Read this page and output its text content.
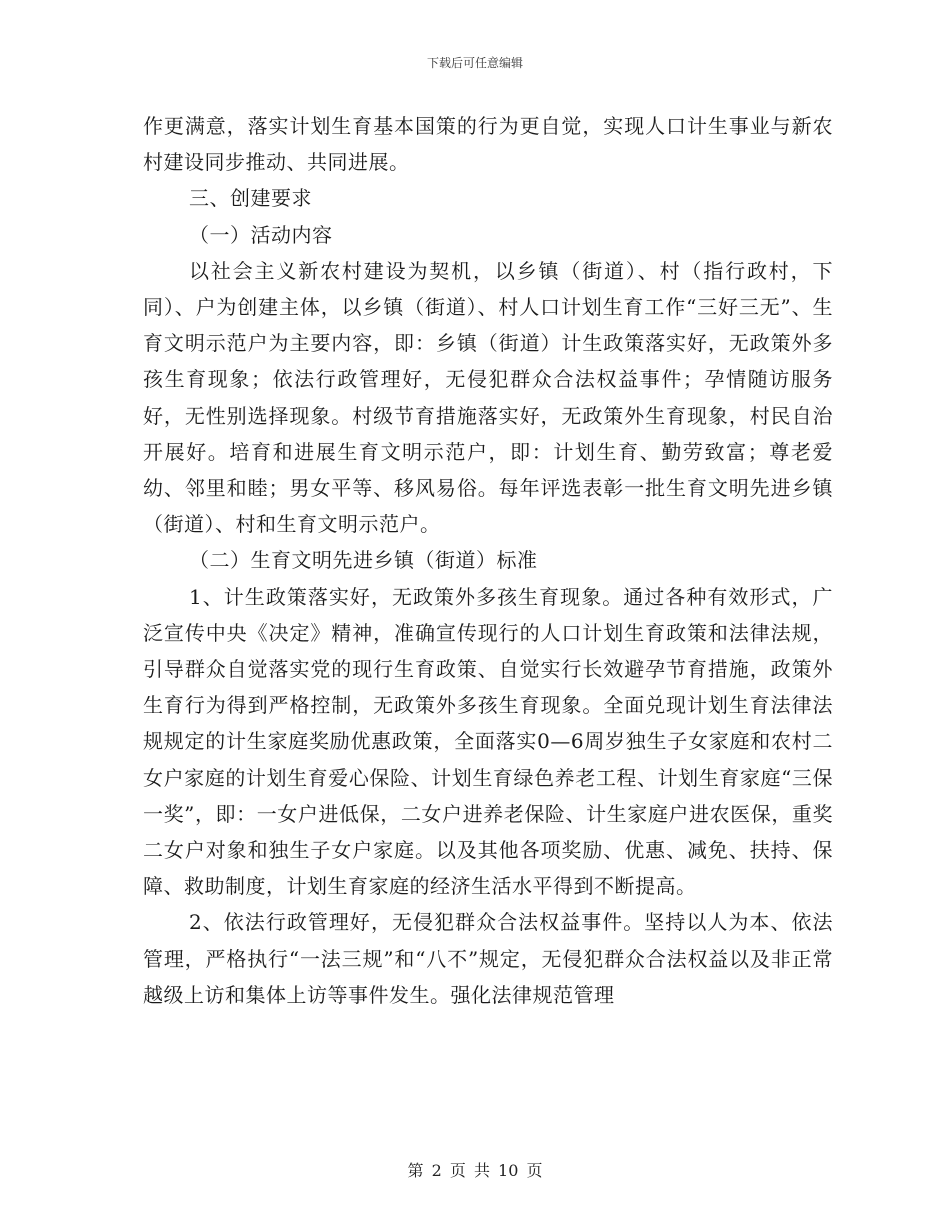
下载后可任意编辑

作更满意，落实计划生育基本国策的行为更自觉，实现人口计生事业与新农村建设同步推动、共同进展。

三、创建要求

（一）活动内容

以社会主义新农村建设为契机，以乡镇（街道）、村（指行政村，下同）、户为创建主体，以乡镇（街道）、村人口计划生育工作“三好三无”、生育文明示范户为主要内容，即：乡镇（街道）计生政策落实好，无政策外多孩生育现象；依法行政管理好，无侵犯群众合法权益事件；孕情随访服务好，无性别选择现象。村级节育措施落实好，无政策外生育现象，村民自治开展好。培育和进展生育文明示范户，即：计划生育、勤劳致富；尊老爱幼、邻里和睦；男女平等、移风易俗。每年评选表彰一批生育文明先进乡镇（街道）、村和生育文明示范户。

（二）生育文明先进乡镇（街道）标准

1、计生政策落实好，无政策外多孩生育现象。通过各种有效形式，广泛宣传中央《决定》精神，准确宣传现行的人口计划生育政策和法律法规，引导群众自觉落实党的现行生育政策、自觉实行长效避孕节育措施，政策外生育行为得到严格控制，无政策外多孩生育现象。全面兑现计划生育法律法规规定的计生家庭奖励优惠政策，全面落实0—6周岁独生子女家庭和农村二女户家庭的计划生育爱心保险、计划生育绿色养老工程、计划生育家庭“三保一奖”，即：一女户进低保，二女户进养老保险、计生家庭户进农医保，重奖二女户对象和独生子女户家庭。以及其他各项奖励、优惠、减免、扶持、保障、救助制度，计划生育家庭的经济生活水平得到不断提高。

2、依法行政管理好，无侵犯群众合法权益事件。坚持以人为本、依法管理，严格执行“一法三规”和“八不”规定，无侵犯群众合法权益以及非正常越级上访和集体上访等事件发生。强化法律规范管理

第 2 页 共 10 页
